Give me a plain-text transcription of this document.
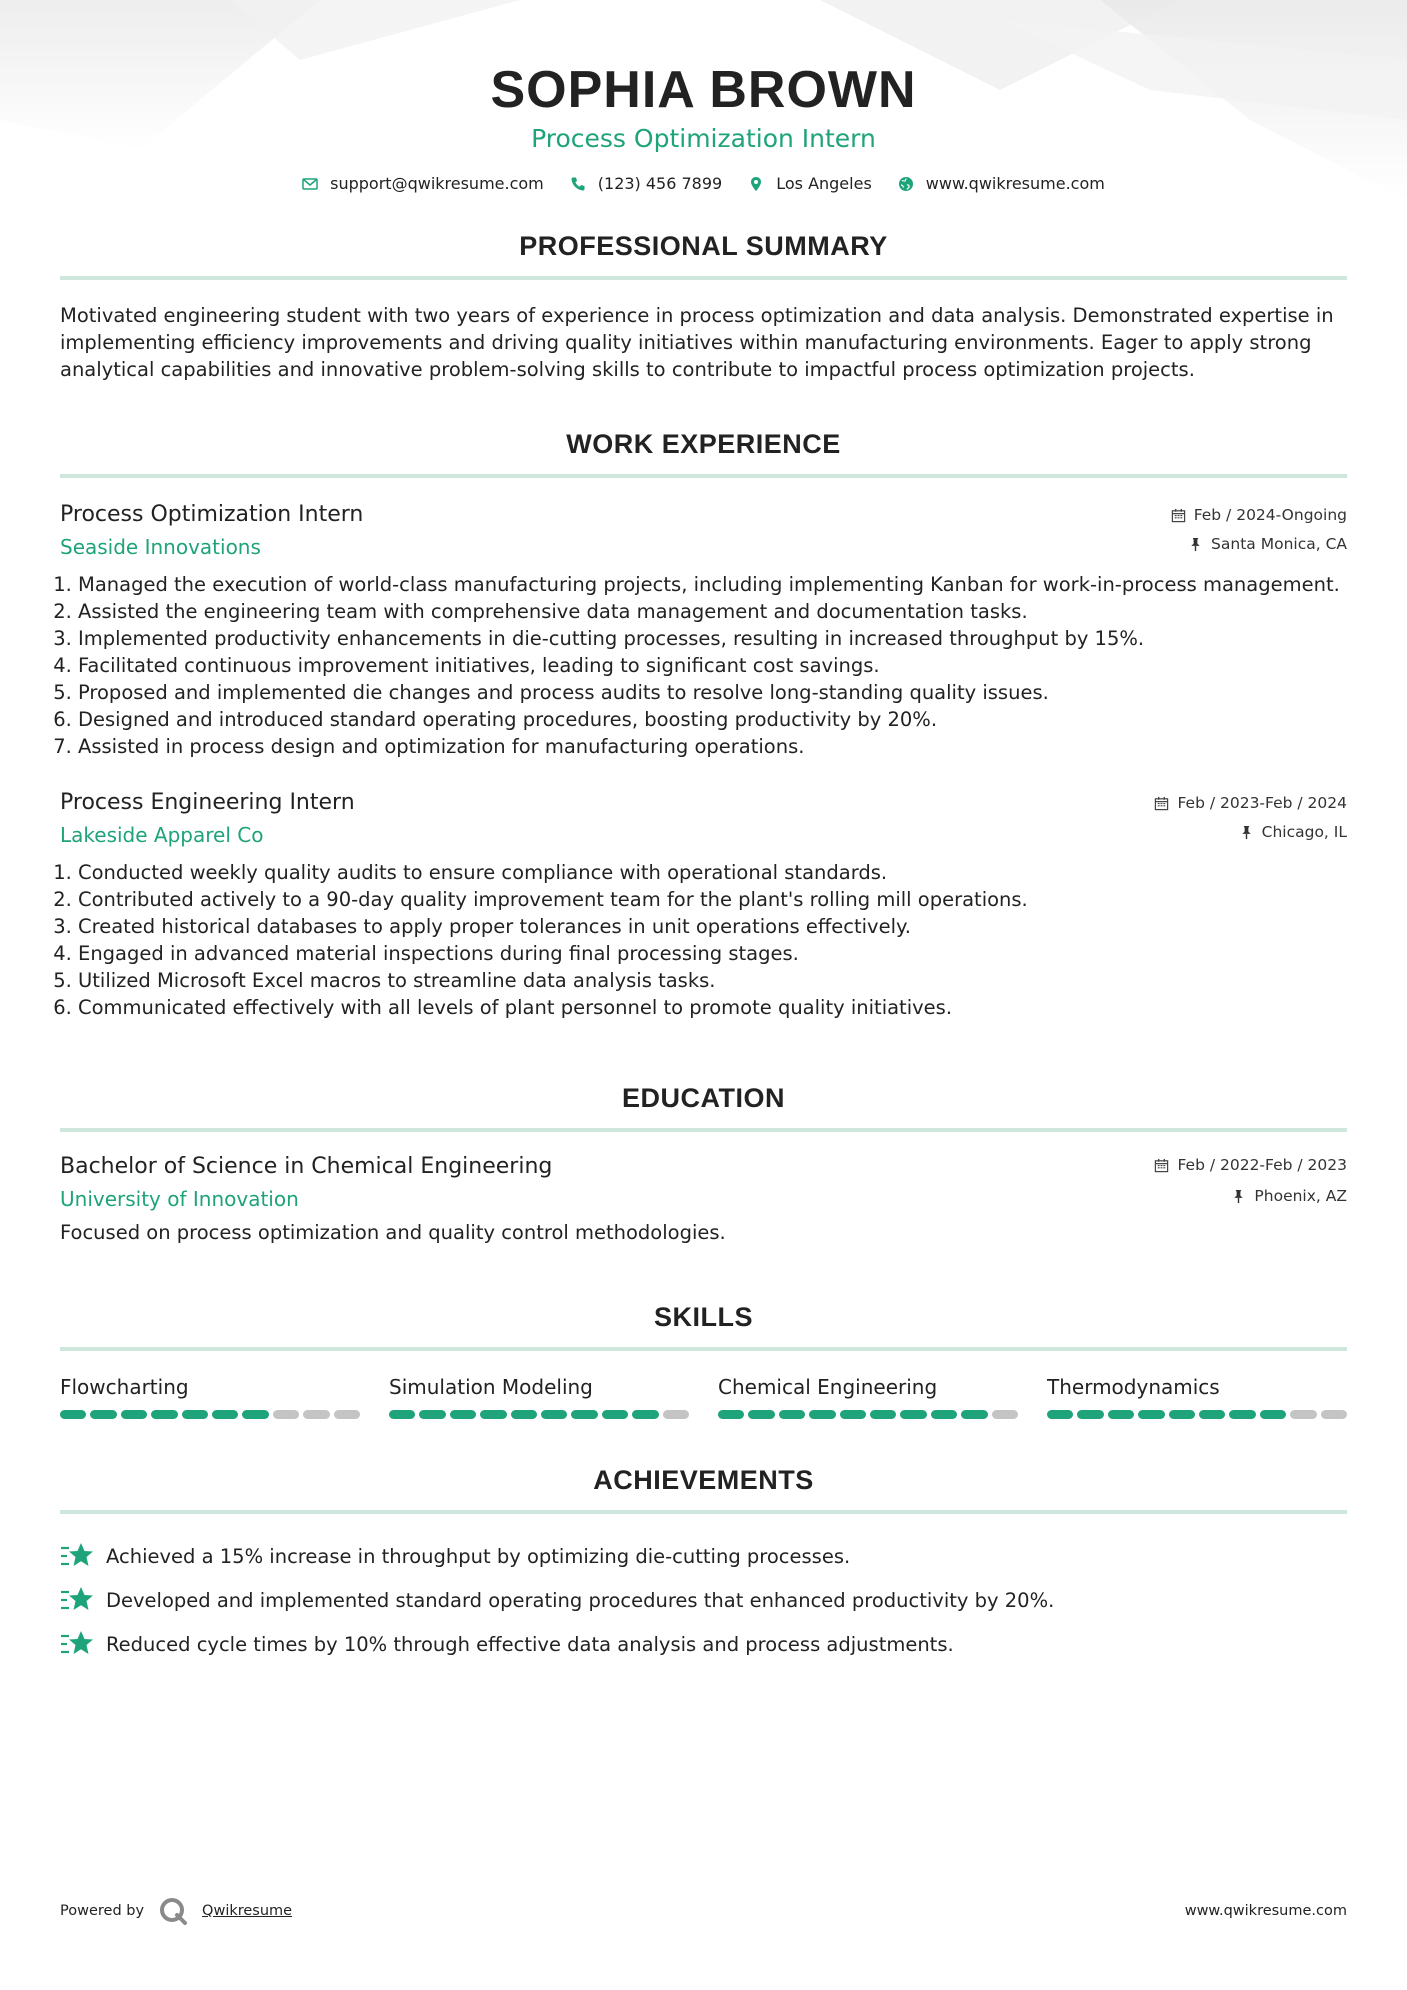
SOPHIA BROWN
Process Optimization Intern
support@qwikresume.com	(123) 456 7899	Los Angeles	www.qwikresume.com
PROFESSIONAL SUMMARY
Motivated engineering student with two years of experience in process optimization and data analysis. Demonstrated expertise in implementing efficiency improvements and driving quality initiatives within manufacturing environments. Eager to apply strong analytical capabilities and innovative problem-solving skills to contribute to impactful process optimization projects.
WORK EXPERIENCE
Process Optimization Intern	Feb / 2024-Ongoing
Seaside Innovations	Santa Monica, CA
1. Managed the execution of world-class manufacturing projects, including implementing Kanban for work-in-process management.
2. Assisted the engineering team with comprehensive data management and documentation tasks.
3. Implemented productivity enhancements in die-cutting processes, resulting in increased throughput by 15%.
4. Facilitated continuous improvement initiatives, leading to significant cost savings.
5. Proposed and implemented die changes and process audits to resolve long-standing quality issues.
6. Designed and introduced standard operating procedures, boosting productivity by 20%.
7. Assisted in process design and optimization for manufacturing operations.
Process Engineering Intern	Feb / 2023-Feb / 2024
Lakeside Apparel Co	Chicago, IL
1. Conducted weekly quality audits to ensure compliance with operational standards.
2. Contributed actively to a 90-day quality improvement team for the plant's rolling mill operations.
3. Created historical databases to apply proper tolerances in unit operations effectively.
4. Engaged in advanced material inspections during final processing stages.
5. Utilized Microsoft Excel macros to streamline data analysis tasks.
6. Communicated effectively with all levels of plant personnel to promote quality initiatives.
EDUCATION
Bachelor of Science in Chemical Engineering	Feb / 2022-Feb / 2023
University of Innovation	Phoenix, AZ
Focused on process optimization and quality control methodologies.
SKILLS
Flowcharting	Simulation Modeling	Chemical Engineering	Thermodynamics
ACHIEVEMENTS
Achieved a 15% increase in throughput by optimizing die-cutting processes.
Developed and implemented standard operating procedures that enhanced productivity by 20%.
Reduced cycle times by 10% through effective data analysis and process adjustments.
Powered by	Qwikresume	www.qwikresume.com
